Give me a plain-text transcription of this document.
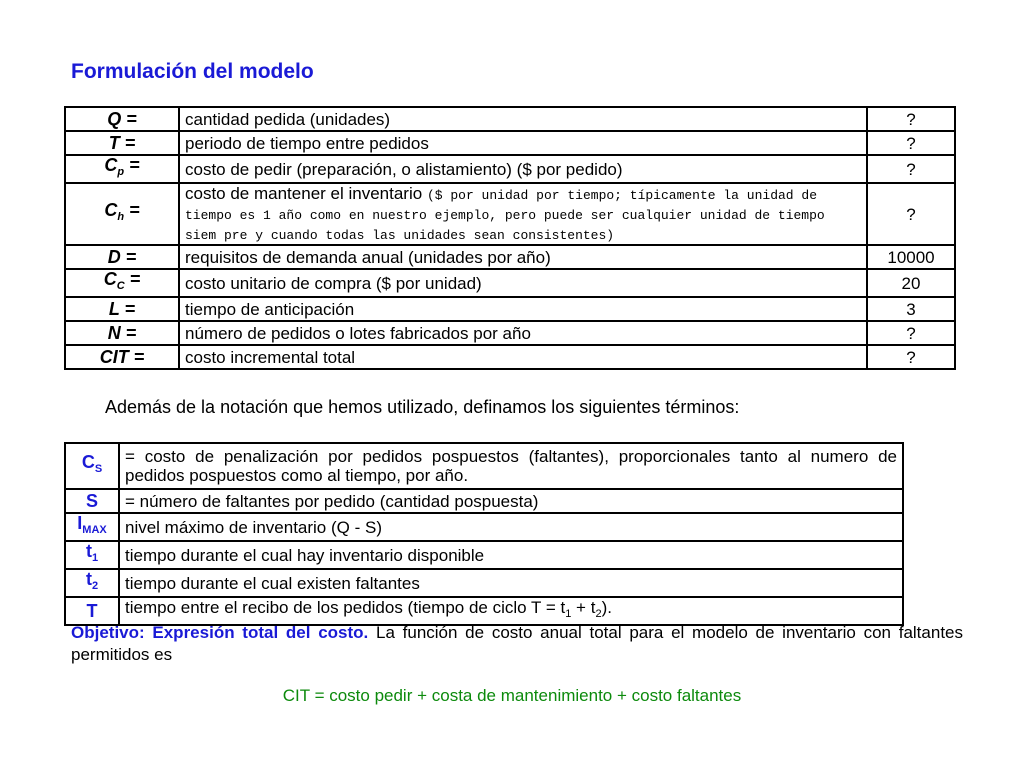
Formulación del modelo
Q =	cantidad pedida (unidades)	?
T =	periodo de tiempo entre pedidos	?
$C_p$ =	costo de pedir (preparación, o alistamiento) ($ por pedido)	?
$C_h$ =	costo de mantener el inventario ($ por unidad por tiempo; típicamente la unidad de tiempo es 1 año como en nuestro ejemplo, pero puede ser cualquier unidad de tiempo siem pre y cuando todas las unidades sean consistentes)	?
D =	requisitos de demanda anual (unidades por año)	10000
$C_C$ =	costo unitario de compra ($ por unidad)	20
L =	tiempo de anticipación	3
N =	número de pedidos o lotes fabricados por año	?
CIT =	costo incremental total	?
Además de la notación que hemos utilizado, definamos los siguientes términos:
$C_S$	= costo de penalización por pedidos pospuestos (faltantes), proporcionales tanto al numero de pedidos pospuestos como al tiempo, por año.
S	= número de faltantes por pedido (cantidad pospuesta)
$I_{MAX}$	nivel máximo de inventario (Q - S)
$t_1$	tiempo durante el cual hay inventario disponible
$t_2$	tiempo durante el cual existen faltantes
T	tiempo entre el recibo de los pedidos (tiempo de ciclo $T = t_1 + t_2$).
Objetivo: Expresión total del costo. La función de costo anual total para el modelo de inventario con faltantes permitidos es
CIT = costo pedir + costa de mantenimiento + costo faltantes
